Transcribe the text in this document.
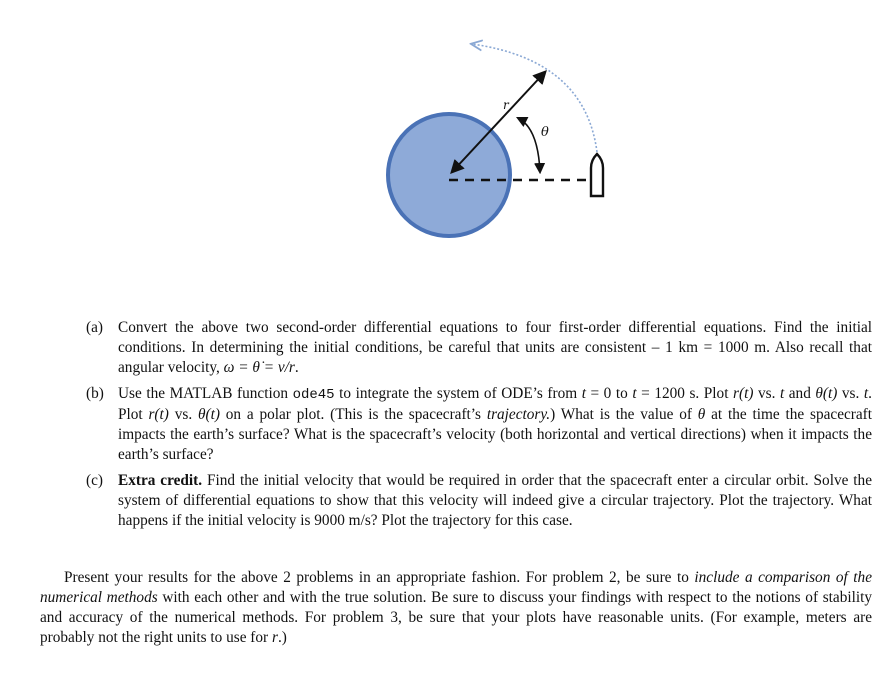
r
θ
(a) Convert the above two second-order differential equations to four first-order differential equations. Find the initial conditions. In determining the initial conditions, be careful that units are consistent – 1 km = 1000 m. Also recall that angular velocity, ω = θ̇ = v/r.
(b) Use the MATLAB function ode45 to integrate the system of ODE’s from t = 0 to t = 1200 s. Plot r(t) vs. t and θ(t) vs. t. Plot r(t) vs. θ(t) on a polar plot. (This is the spacecraft’s trajectory.) What is the value of θ at the time the spacecraft impacts the earth’s surface? What is the spacecraft’s velocity (both horizontal and vertical directions) when it impacts the earth’s surface?
(c) Extra credit. Find the initial velocity that would be required in order that the spacecraft enter a circular orbit. Solve the system of differential equations to show that this velocity will indeed give a circular trajectory. Plot the trajectory. What happens if the initial velocity is 9000 m/s? Plot the trajectory for this case.
Present your results for the above 2 problems in an appropriate fashion. For problem 2, be sure to include a comparison of the numerical methods with each other and with the true solution. Be sure to discuss your findings with respect to the notions of stability and accuracy of the numerical methods. For problem 3, be sure that your plots have reasonable units. (For example, meters are probably not the right units to use for r.)
